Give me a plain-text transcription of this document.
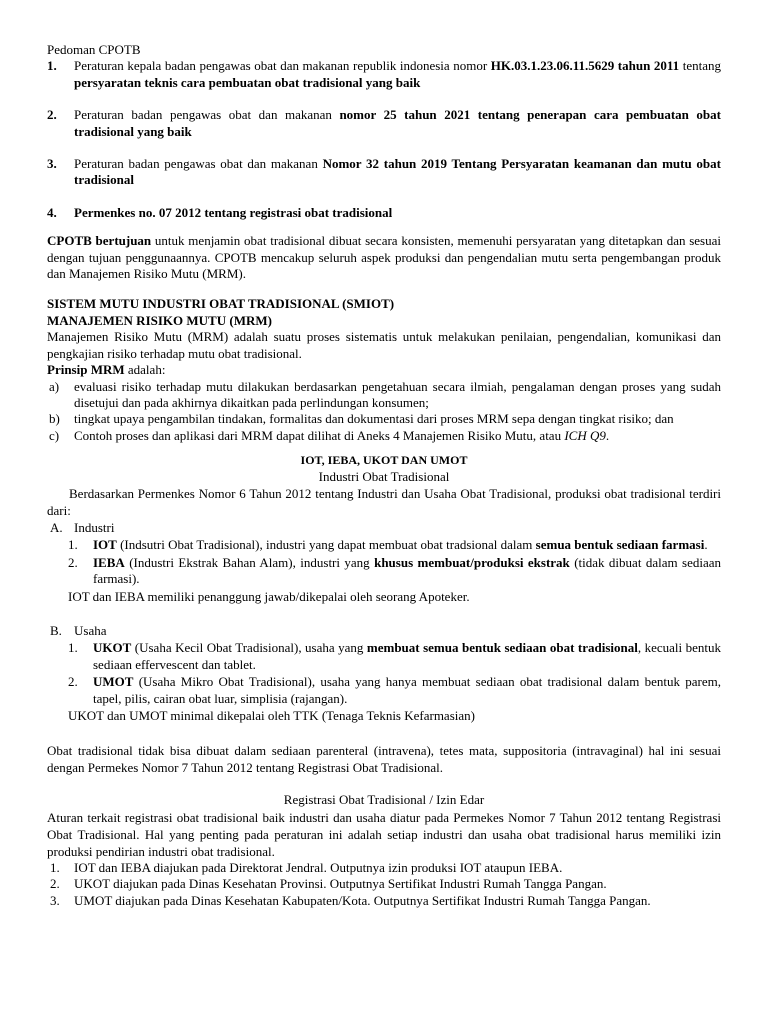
Pedoman CPOTB

1.	Peraturan kepala badan pengawas obat dan makanan republik indonesia nomor HK.03.1.23.06.11.5629 tahun 2011 tentang persyaratan teknis cara pembuatan obat tradisional yang baik
2.	Peraturan badan pengawas obat dan makanan nomor 25 tahun 2021 tentang penerapan cara pembuatan obat tradisional yang baik
3.	Peraturan badan pengawas obat dan makanan Nomor 32 tahun 2019 Tentang Persyaratan keamanan dan mutu obat tradisional
4.	Permenkes no. 07 2012 tentang registrasi obat tradisional

CPOTB bertujuan untuk menjamin obat tradisional dibuat secara konsisten, memenuhi persyaratan yang ditetapkan dan sesuai dengan tujuan penggunaannya. CPOTB mencakup seluruh aspek produksi dan pengendalian mutu serta pengembangan produk dan Manajemen Risiko Mutu (MRM).

SISTEM MUTU INDUSTRI OBAT TRADISIONAL (SMIOT)

MANAJEMEN RISIKO MUTU (MRM)

Manajemen Risiko Mutu (MRM) adalah suatu proses sistematis untuk melakukan penilaian, pengendalian, komunikasi dan pengkajian risiko terhadap mutu obat tradisional.

Prinsip MRM adalah:

a)	evaluasi risiko terhadap mutu dilakukan berdasarkan pengetahuan secara ilmiah, pengalaman dengan proses yang sudah disetujui dan pada akhirnya dikaitkan pada perlindungan konsumen;
b)	tingkat upaya pengambilan tindakan, formalitas dan dokumentasi dari proses MRM sepa dengan tingkat risiko; dan
c)	Contoh proses dan aplikasi dari MRM dapat dilihat di Aneks 4 Manajemen Risiko Mutu, atau ICH Q9.

IOT, IEBA, UKOT DAN UMOT

Industri Obat Tradisional

Berdasarkan Permenkes Nomor 6 Tahun 2012 tentang Industri dan Usaha Obat Tradisional, produksi obat tradisional terdiri dari:

A. Industri
1.	IOT (Indsutri Obat Tradisional), industri yang dapat membuat obat tradsional dalam semua bentuk sediaan farmasi.
2.	IEBA (Industri Ekstrak Bahan Alam), industri yang khusus membuat/produksi ekstrak (tidak dibuat dalam sediaan farmasi).

IOT dan IEBA memiliki penanggung jawab/dikepalai oleh seorang Apoteker.

B. Usaha
1.	UKOT (Usaha Kecil Obat Tradisional), usaha yang membuat semua bentuk sediaan obat tradisional, kecuali bentuk sediaan effervescent dan tablet.
2.	UMOT (Usaha Mikro Obat Tradisional), usaha yang hanya membuat sediaan obat tradisional dalam bentuk parem, tapel, pilis, cairan obat luar, simplisia (rajangan).

UKOT dan UMOT minimal dikepalai oleh TTK (Tenaga Teknis Kefarmasian)

Obat tradisional tidak bisa dibuat dalam sediaan parenteral (intravena), tetes mata, suppositoria (intravaginal) hal ini sesuai dengan Permekes Nomor 7 Tahun 2012 tentang Registrasi Obat Tradisional.

Registrasi Obat Tradisional / Izin Edar

Aturan terkait registrasi obat tradisional baik industri dan usaha diatur pada Permekes Nomor 7 Tahun 2012 tentang Registrasi Obat Tradisional. Hal yang penting pada peraturan ini adalah setiap industri dan usaha obat tradisional harus memiliki izin produksi pendirian industri obat tradisional.

1.	IOT dan IEBA diajukan pada Direktorat Jendral. Outputnya izin produksi IOT ataupun IEBA.
2.	UKOT diajukan pada Dinas Kesehatan Provinsi. Outputnya Sertifikat Industri Rumah Tangga Pangan.
3.	UMOT diajukan pada Dinas Kesehatan Kabupaten/Kota. Outputnya Sertifikat Industri Rumah Tangga Pangan.
